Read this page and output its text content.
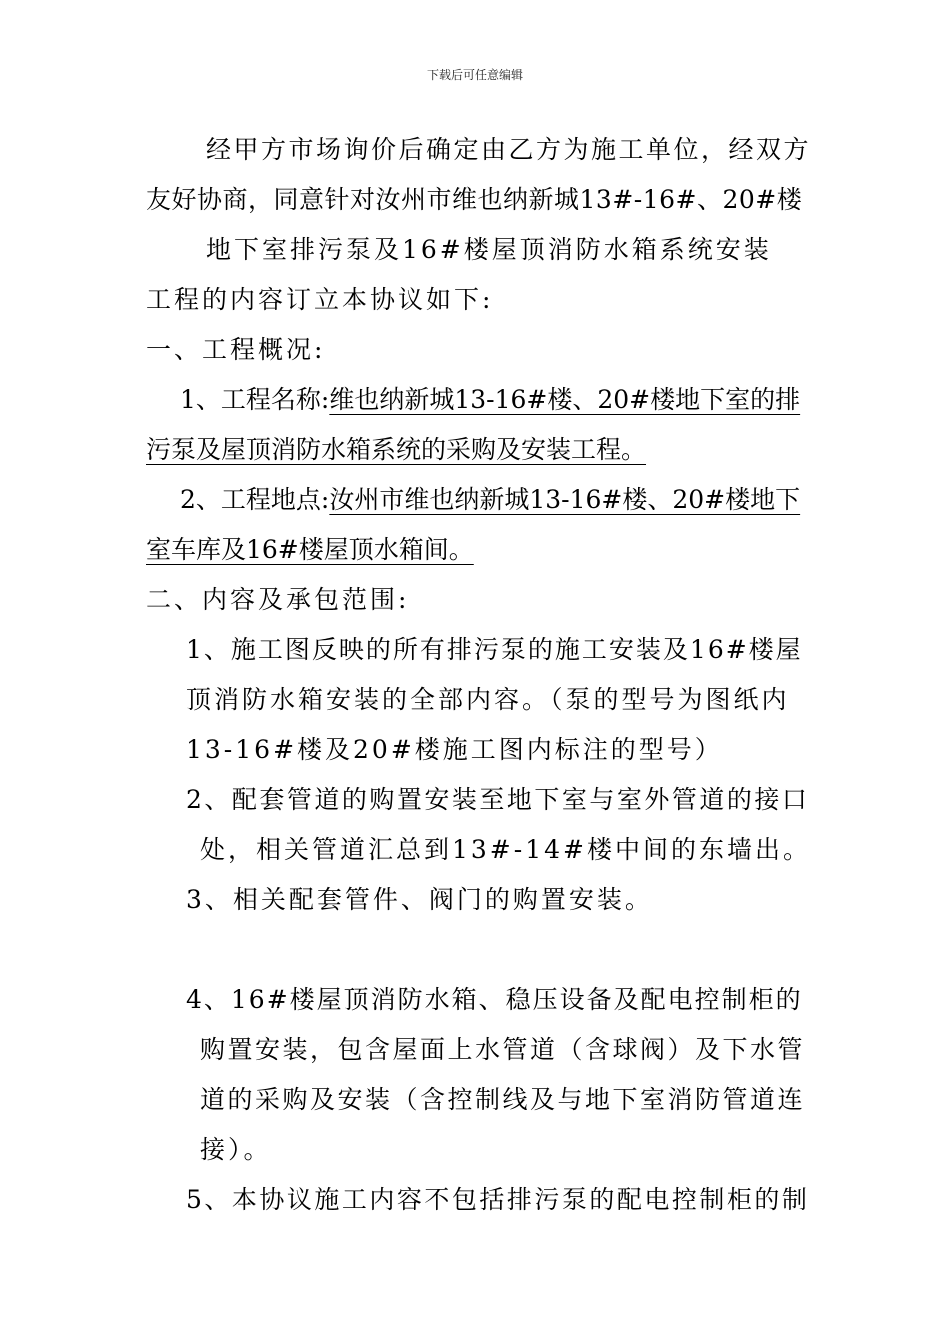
下载后可任意编辑

经甲方市场询价后确定由乙方为施工单位，经双方

友好协商，同意针对汝州市维也纳新城13#-16#、20#楼

地下室排污泵及16#楼屋顶消防水箱系统安装

工程的内容订立本协议如下:

一、工程概况:

1、工程名称:维也纳新城13-16#楼、20#楼地下室的排

污泵及屋顶消防水箱系统的采购及安装工程。

2、工程地点:汝州市维也纳新城13-16#楼、20#楼地下

室车库及16#楼屋顶水箱间。

二、内容及承包范围:

1、施工图反映的所有排污泵的施工安装及16#楼屋

顶消防水箱安装的全部内容。（泵的型号为图纸内

13-16#楼及20#楼施工图内标注的型号）

2、配套管道的购置安装至地下室与室外管道的接口

处，相关管道汇总到13#-14#楼中间的东墙出。

3、相关配套管件、阀门的购置安装。

4、16#楼屋顶消防水箱、稳压设备及配电控制柜的

购置安装，包含屋面上水管道（含球阀）及下水管

道的采购及安装（含控制线及与地下室消防管道连

接）。

5、本协议施工内容不包括排污泵的配电控制柜的制
